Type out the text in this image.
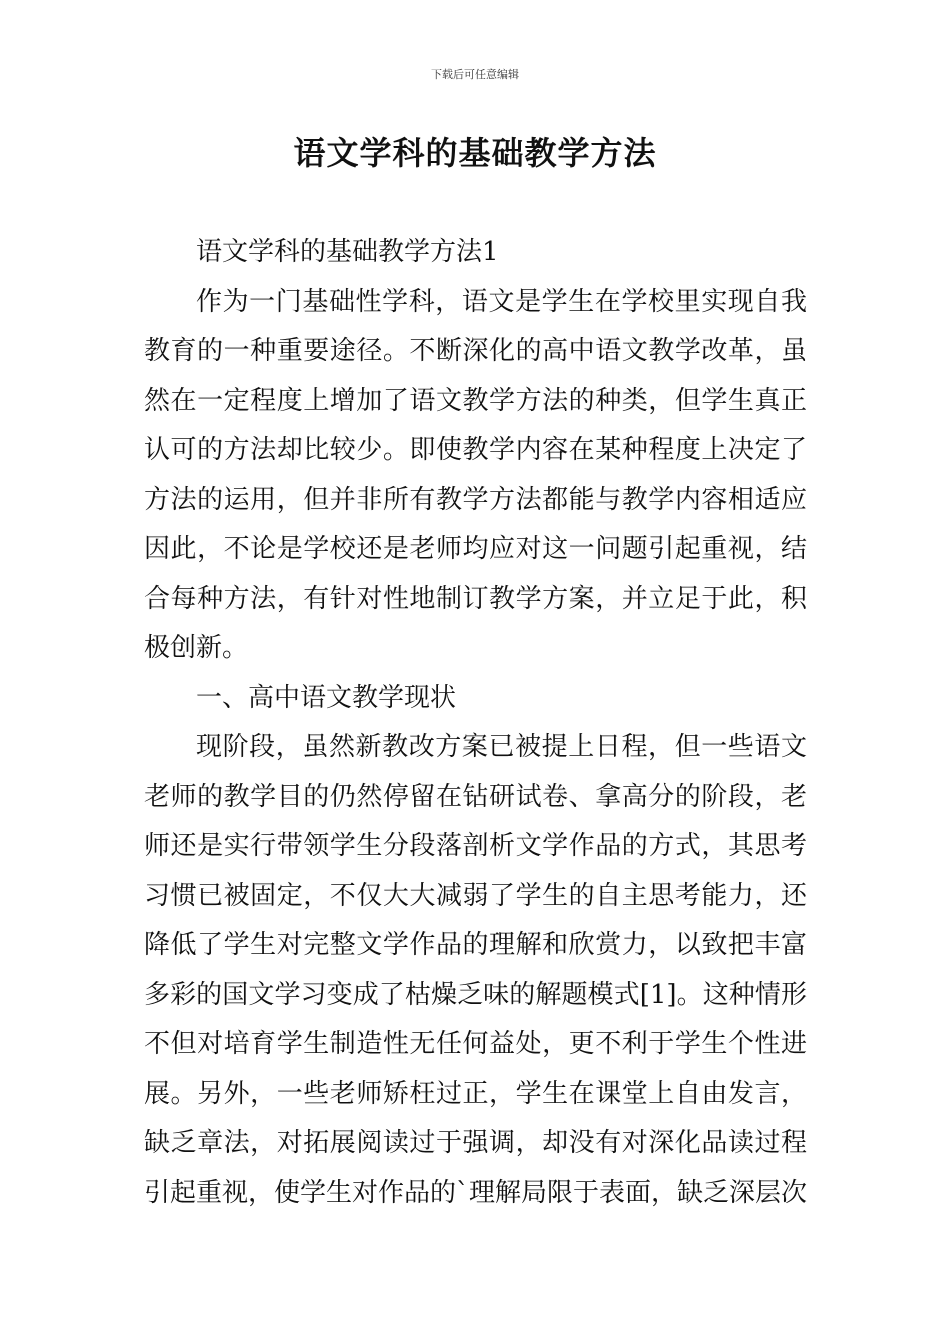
下载后可任意编辑
语文学科的基础教学方法

语文学科的基础教学方法1

作为一门基础性学科，语文是学生在学校里实现自我教育的一种重要途径。不断深化的高中语文教学改革，虽然在一定程度上增加了语文教学方法的种类，但学生真正认可的方法却比较少。即使教学内容在某种程度上决定了方法的运用，但并非所有教学方法都能与教学内容相适应因此，不论是学校还是老师均应对这一问题引起重视，结合每种方法，有针对性地制订教学方案，并立足于此，积极创新。

一、高中语文教学现状

现阶段，虽然新教改方案已被提上日程，但一些语文老师的教学目的仍然停留在钻研试卷、拿高分的阶段，老师还是实行带领学生分段落剖析文学作品的方式，其思考习惯已被固定，不仅大大减弱了学生的自主思考能力，还降低了学生对完整文学作品的理解和欣赏力，以致把丰富多彩的国文学习变成了枯燥乏味的解题模式[1]。这种情形不但对培育学生制造性无任何益处，更不利于学生个性进展。另外，一些老师矫枉过正，学生在课堂上自由发言，缺乏章法，对拓展阅读过于强调，却没有对深化品读过程引起重视，使学生对作品的`理解局限于表面，缺乏深层次
